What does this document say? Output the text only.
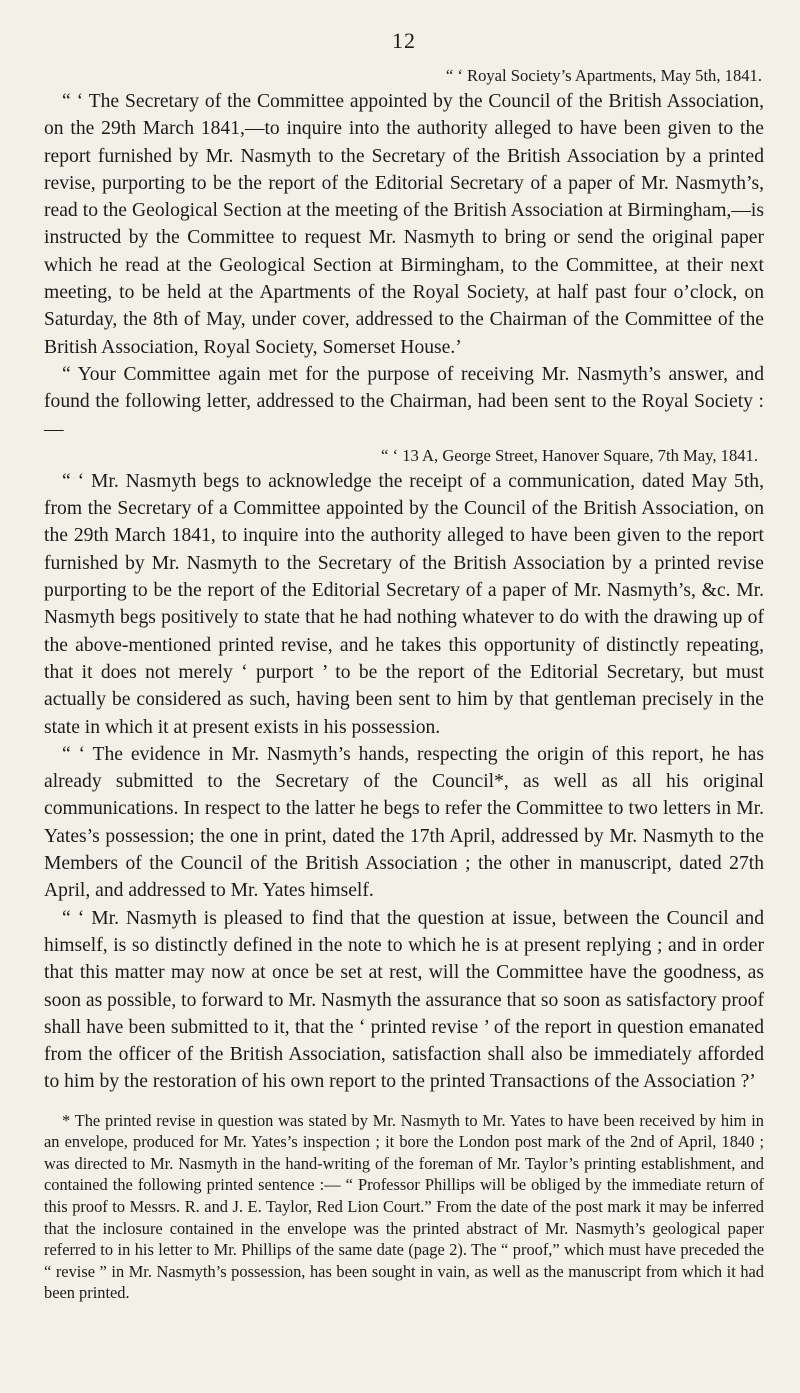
12

“ ‘ Royal Society’s Apartments, May 5th, 1841.

“ ‘ The Secretary of the Committee appointed by the Council of the British Association, on the 29th March 1841,—to inquire into the authority alleged to have been given to the report furnished by Mr. Nasmyth to the Secretary of the British Association by a printed revise, purporting to be the report of the Editorial Secretary of a paper of Mr. Nasmyth’s, read to the Geological Section at the meeting of the British Association at Birmingham,—is instructed by the Committee to request Mr. Nasmyth to bring or send the original paper which he read at the Geological Section at Birmingham, to the Committee, at their next meeting, to be held at the Apartments of the Royal Society, at half past four o’clock, on Saturday, the 8th of May, under cover, addressed to the Chairman of the Committee of the British Association, Royal Society, Somerset House.’

“ Your Committee again met for the purpose of receiving Mr. Nasmyth’s answer, and found the following letter, addressed to the Chairman, had been sent to the Royal Society :—

“ ‘ 13 A, George Street, Hanover Square, 7th May, 1841.

“ ‘ Mr. Nasmyth begs to acknowledge the receipt of a communication, dated May 5th, from the Secretary of a Committee appointed by the Council of the British Association, on the 29th March 1841, to inquire into the authority alleged to have been given to the report furnished by Mr. Nasmyth to the Secretary of the British Association by a printed revise purporting to be the report of the Editorial Secretary of a paper of Mr. Nasmyth’s, &c. Mr. Nasmyth begs positively to state that he had nothing whatever to do with the drawing up of the above-mentioned printed revise, and he takes this opportunity of distinctly repeating, that it does not merely ‘ purport ’ to be the report of the Editorial Secretary, but must actually be considered as such, having been sent to him by that gentleman precisely in the state in which it at present exists in his possession.

“ ‘ The evidence in Mr. Nasmyth’s hands, respecting the origin of this report, he has already submitted to the Secretary of the Council*, as well as all his original communications. In respect to the latter he begs to refer the Committee to two letters in Mr. Yates’s possession; the one in print, dated the 17th April, addressed by Mr. Nasmyth to the Members of the Council of the British Association ; the other in manuscript, dated 27th April, and addressed to Mr. Yates himself.

“ ‘ Mr. Nasmyth is pleased to find that the question at issue, between the Council and himself, is so distinctly defined in the note to which he is at present replying ; and in order that this matter may now at once be set at rest, will the Committee have the goodness, as soon as possible, to forward to Mr. Nasmyth the assurance that so soon as satisfactory proof shall have been submitted to it, that the ‘ printed revise ’ of the report in question emanated from the officer of the British Association, satisfaction shall also be immediately afforded to him by the restoration of his own report to the printed Transactions of the Association ?’

* The printed revise in question was stated by Mr. Nasmyth to Mr. Yates to have been received by him in an envelope, produced for Mr. Yates’s inspection ; it bore the London post mark of the 2nd of April, 1840 ; was directed to Mr. Nasmyth in the hand-writing of the foreman of Mr. Taylor’s printing establishment, and contained the following printed sentence :— “ Professor Phillips will be obliged by the immediate return of this proof to Messrs. R. and J. E. Taylor, Red Lion Court.” From the date of the post mark it may be inferred that the inclosure contained in the envelope was the printed abstract of Mr. Nasmyth’s geological paper referred to in his letter to Mr. Phillips of the same date (page 2). The “ proof,” which must have preceded the “ revise ” in Mr. Nasmyth’s possession, has been sought in vain, as well as the manuscript from which it had been printed.
